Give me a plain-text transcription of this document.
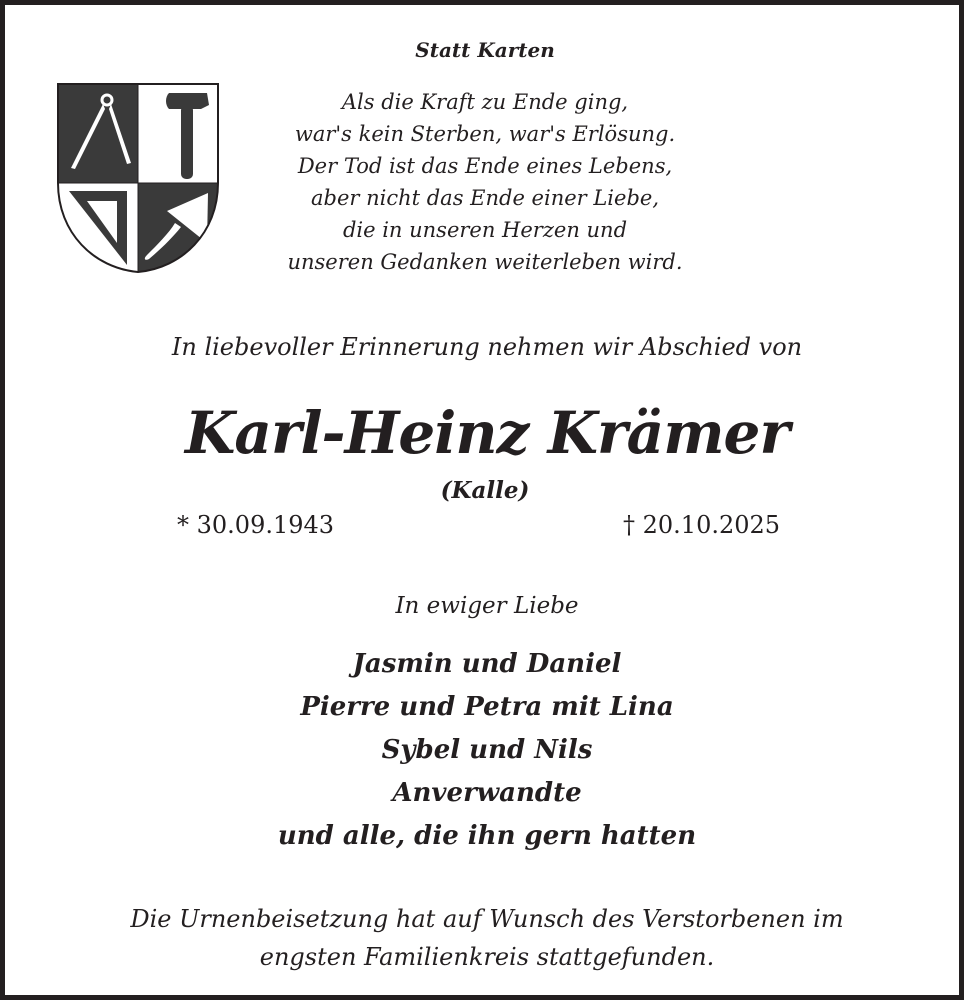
Statt Karten
Als die Kraft zu Ende ging,
war's kein Sterben, war's Erlösung.
Der Tod ist das Ende eines Lebens,
aber nicht das Ende einer Liebe,
die in unseren Herzen und
unseren Gedanken weiterleben wird.
In liebevoller Erinnerung nehmen wir Abschied von
Karl-Heinz Krämer
(Kalle)
* 30.09.1943	† 20.10.2025
In ewiger Liebe
Jasmin und Daniel
Pierre und Petra mit Lina
Sybel und Nils
Anverwandte
und alle, die ihn gern hatten
Die Urnenbeisetzung hat auf Wunsch des Verstorbenen im
engsten Familienkreis stattgefunden.
